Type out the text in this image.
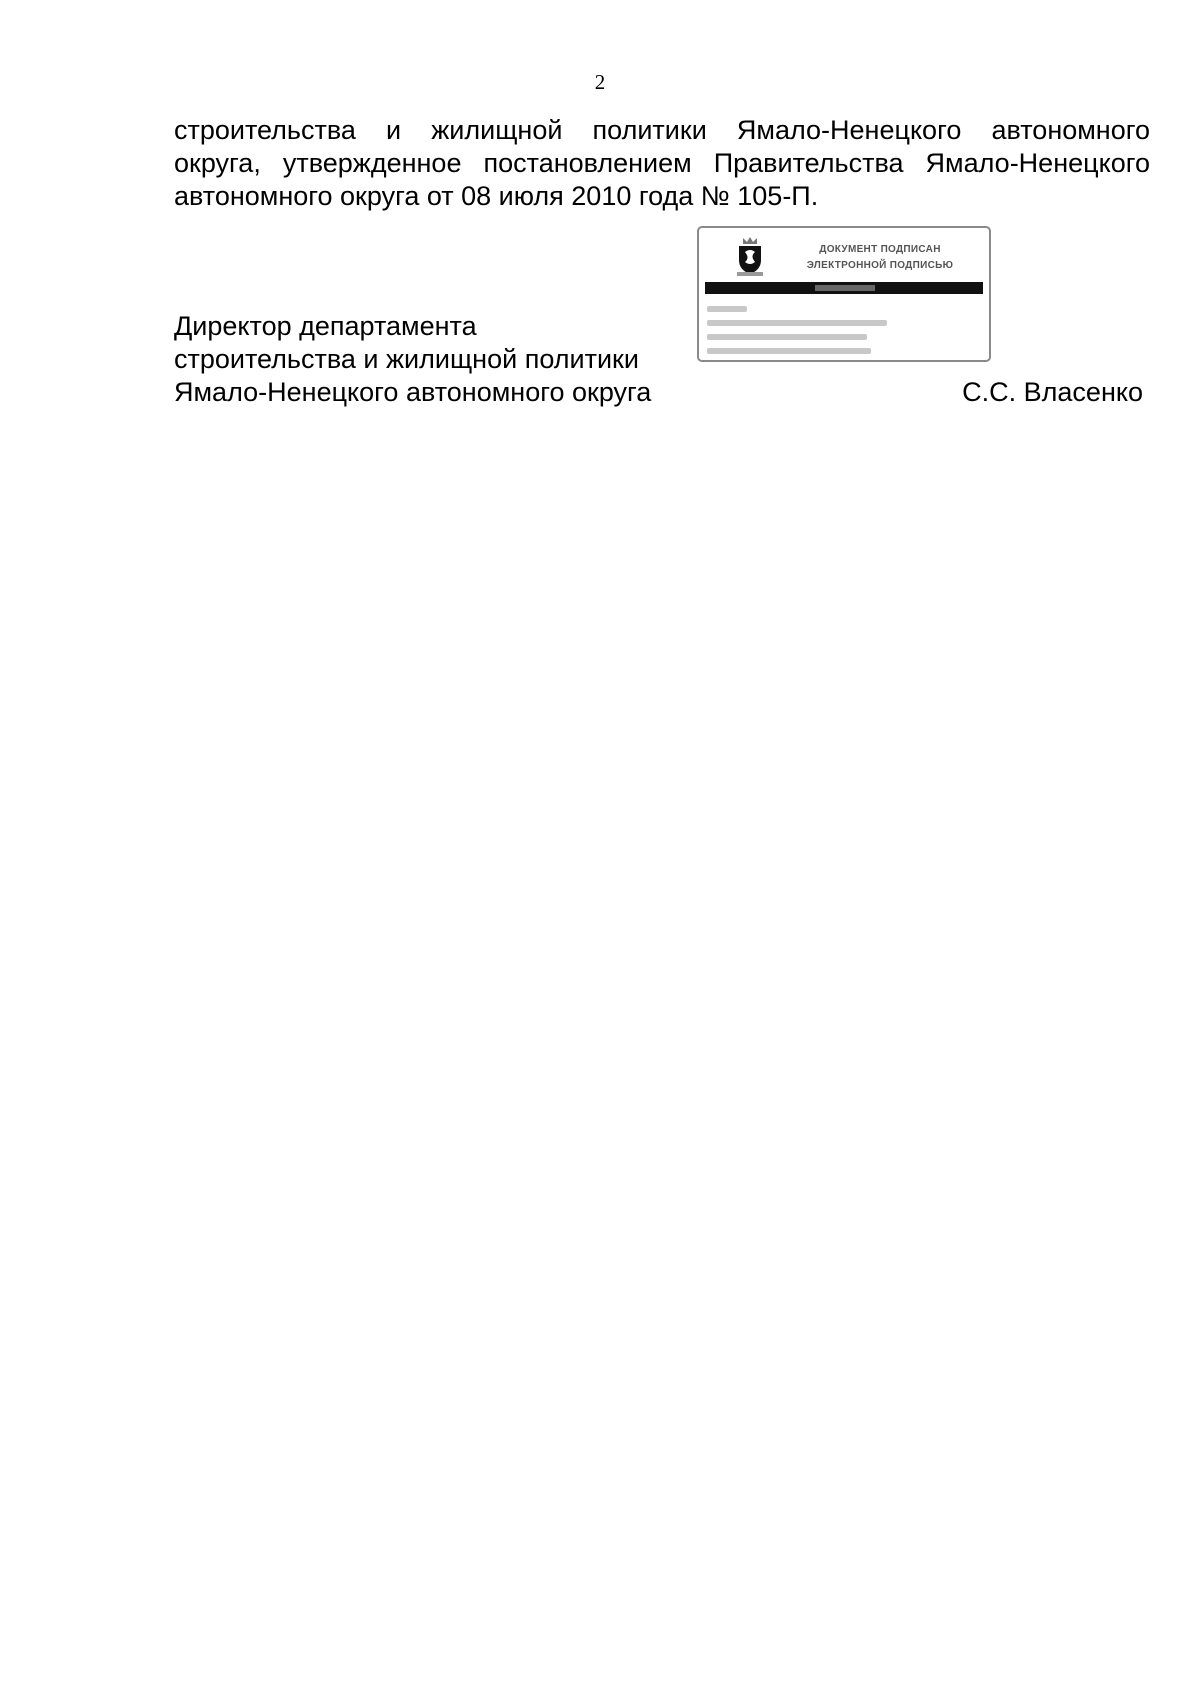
2
строительства и жилищной политики Ямало-Ненецкого автономного
округа, утвержденное постановлением Правительства Ямало-Ненецкого
автономного округа от 08 июля 2010 года № 105-П.
Директор департамента
строительства и жилищной политики
Ямало-Ненецкого автономного округа	С.С. Власенко
ДОКУМЕНТ ПОДПИСАН
ЭЛЕКТРОННОЙ ПОДПИСЬЮ
